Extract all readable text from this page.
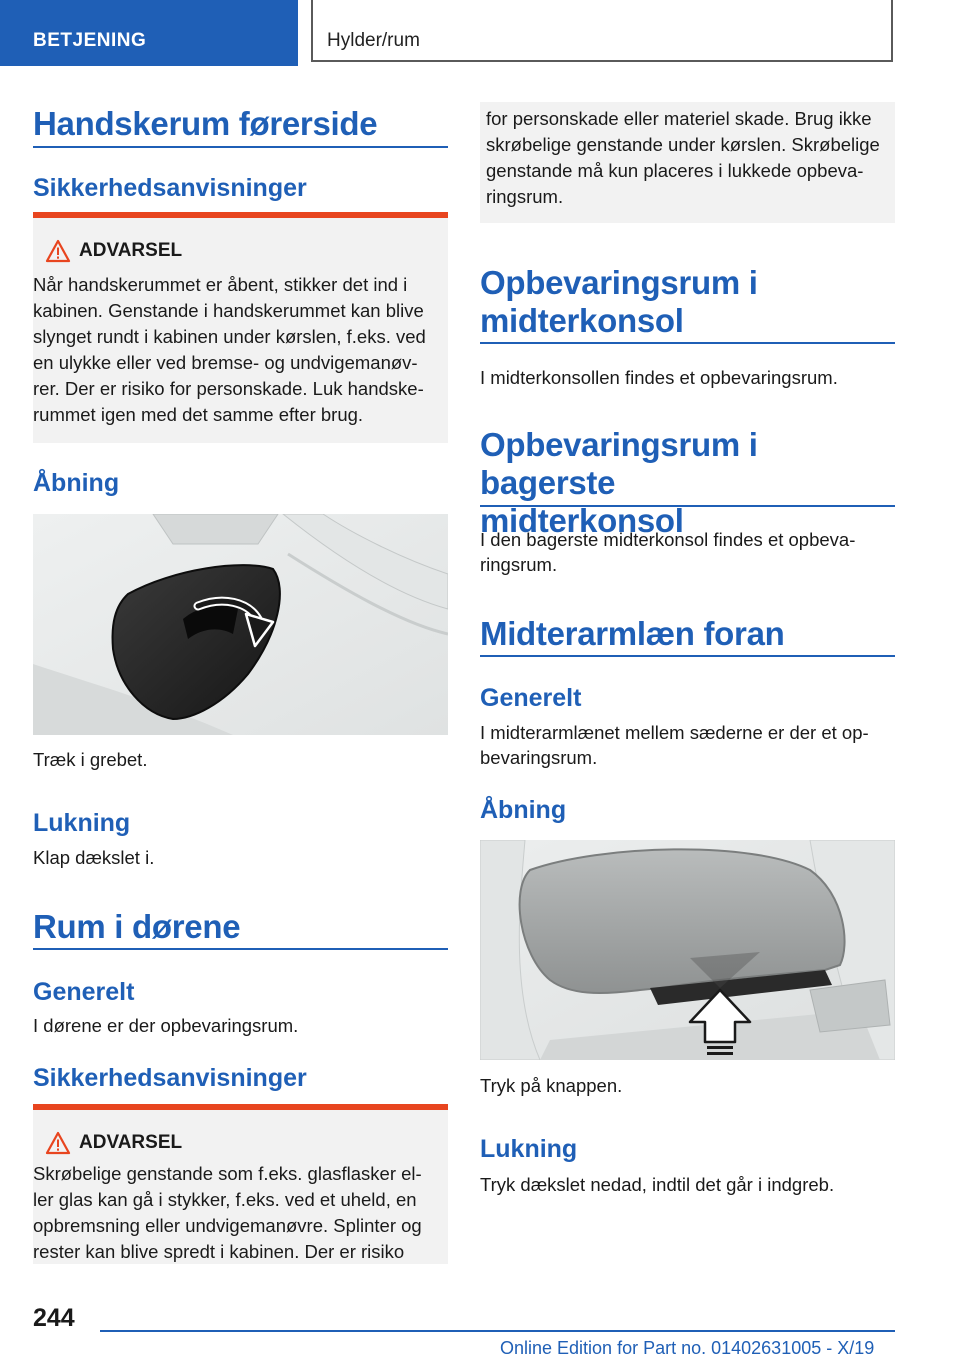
BETJENING	Hylder/rum
Handskerum førerside
Sikkerhedsanvisninger
ADVARSEL
Når handskerummet er åbent, stikker det ind i
kabinen. Genstande i handskerummet kan blive
slynget rundt i kabinen under kørslen, f.eks. ved
en ulykke eller ved bremse- og undvigemanøv-
rer. Der er risiko for personskade. Luk handske-
rummet igen med det samme efter brug.
Åbning
Træk i grebet.
Lukning
Klap dækslet i.
Rum i dørene
Generelt
I dørene er der opbevaringsrum.
Sikkerhedsanvisninger
ADVARSEL
Skrøbelige genstande som f.eks. glasflasker el-
ler glas kan gå i stykker, f.eks. ved et uheld, en
opbremsning eller undvigemanøvre. Splinter og
rester kan blive spredt i kabinen. Der er risiko
for personskade eller materiel skade. Brug ikke
skrøbelige genstande under kørslen. Skrøbelige
genstande må kun placeres i lukkede opbeva-
ringsrum.
Opbevaringsrum i
midterkonsol
I midterkonsollen findes et opbevaringsrum.
Opbevaringsrum i bagerste
midterkonsol
I den bagerste midterkonsol findes et opbeva-
ringsrum.
Midterarmlæn foran
Generelt
I midterarmlænet mellem sæderne er der et op-
bevaringsrum.
Åbning
Tryk på knappen.
Lukning
Tryk dækslet nedad, indtil det går i indgreb.
244
Online Edition for Part no. 01402631005 - X/19
